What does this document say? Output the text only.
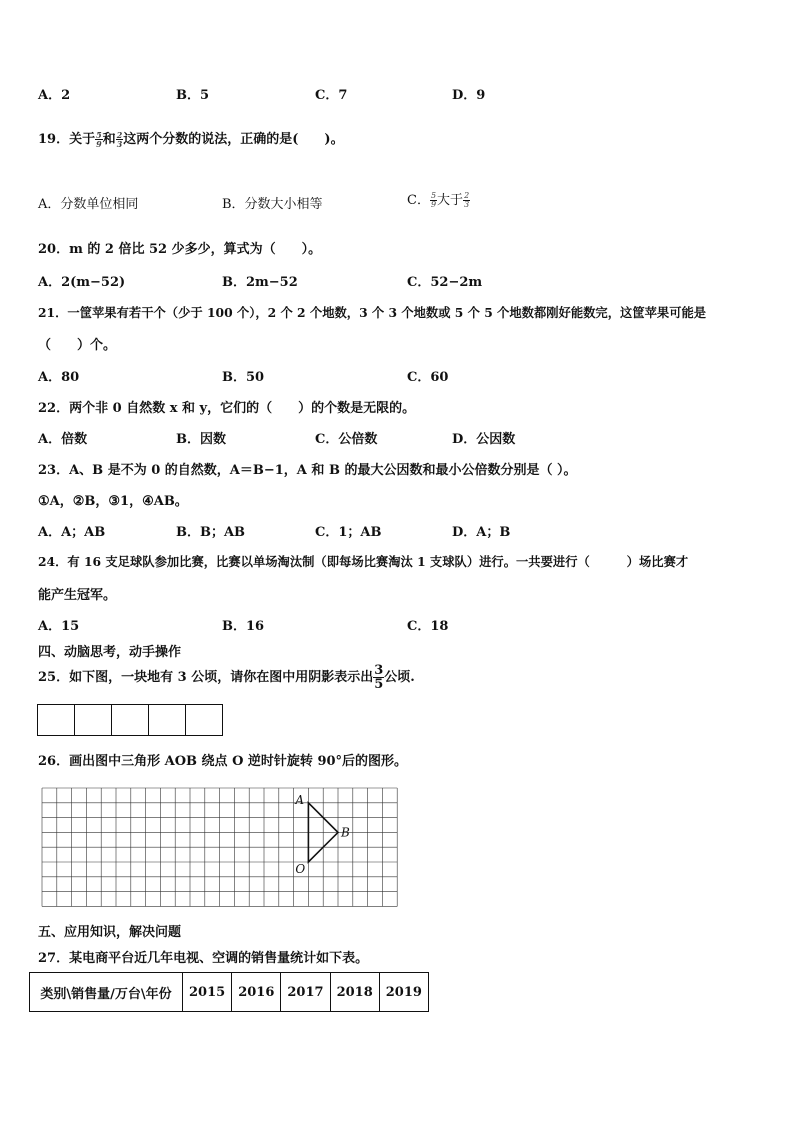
A．2	B．5	C．7	D．9
19．关于 $\frac{5}{9}$ 和 $\frac{2}{3}$ 这两个分数的说法，正确的是(　　)。
A．分数单位相同	B．分数大小相等	C． $\frac{5}{9}$ 大于 $\frac{2}{3}$
20．m 的 2 倍比 52 少多少，算式为（　　）。
A．2(m−52)	B．2m−52	C．52−2m
21．一筐苹果有若干个（少于 100 个），2 个 2 个地数，3 个 3 个地数或 5 个 5 个地数都刚好能数完，这筐苹果可能是
（　　）个。
A．80	B．50	C．60
22．两个非 0 自然数 x 和 y，它们的（　　）的个数是无限的。
A．倍数	B．因数	C．公倍数	D．公因数
23．A、B 是不为 0 的自然数，A＝B−1，A 和 B 的最大公因数和最小公倍数分别是（ ）。
①A，②B，③1，④AB。
A．A；AB	B．B；AB	C．1；AB	D．A；B
24．有 16 支足球队参加比赛，比赛以单场淘汰制（即每场比赛淘汰 1 支球队）进行。一共要进行（　　　）场比赛才
能产生冠军。
A．15	B．16	C．18
四、动脑思考，动手操作
25．如下图，一块地有 3 公顷，请你在图中用阴影表示出 $\frac{3}{5}$ 公顷.
26．画出图中三角形 AOB 绕点 O 逆时针旋转 90°后的图形。
A
B
O
五、应用知识，解决问题
27．某电商平台近几年电视、空调的销售量统计如下表。
类别\销售量/万台\年份	2015	2016	2017	2018	2019
